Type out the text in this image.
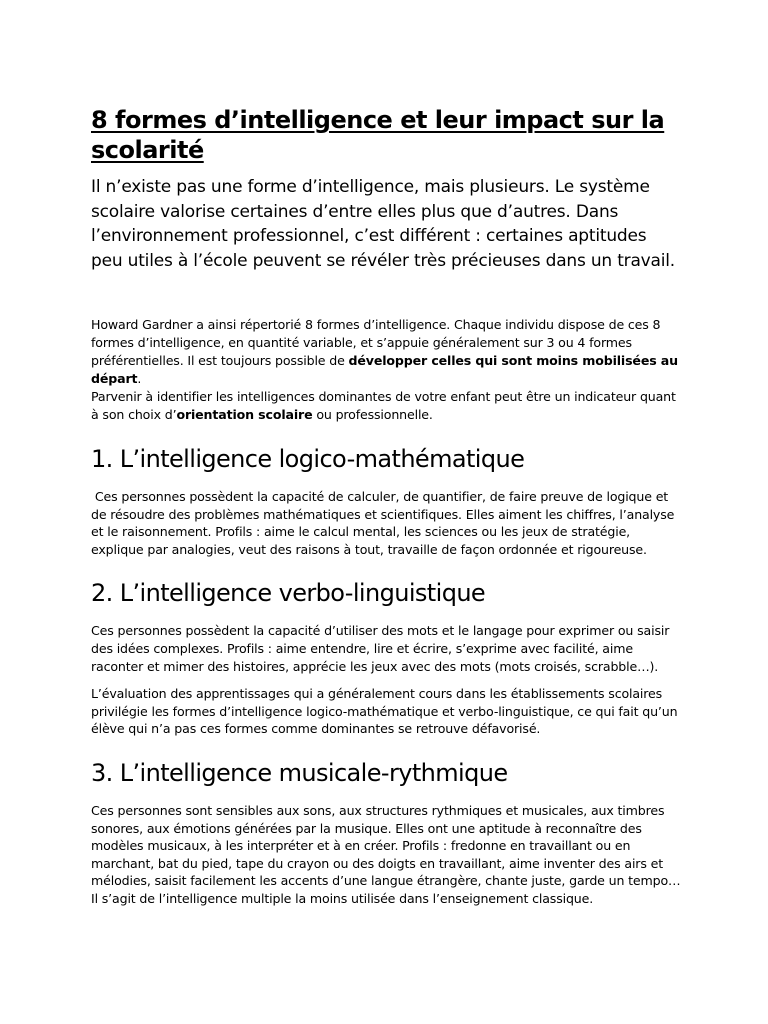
8 formes d’intelligence et leur impact sur la scolarité

Il n’existe pas une forme d’intelligence, mais plusieurs. Le système scolaire valorise certaines d’entre elles plus que d’autres. Dans l’environnement professionnel, c’est différent : certaines aptitudes peu utiles à l’école peuvent se révéler très précieuses dans un travail.

Howard Gardner a ainsi répertorié 8 formes d’intelligence. Chaque individu dispose de ces 8 formes d’intelligence, en quantité variable, et s’appuie généralement sur 3 ou 4 formes préférentielles. Il est toujours possible de développer celles qui sont moins mobilisées au départ.

Parvenir à identifier les intelligences dominantes de votre enfant peut être un indicateur quant à son choix d’orientation scolaire ou professionnelle.

1. L’intelligence logico-mathématique

Ces personnes possèdent la capacité de calculer, de quantifier, de faire preuve de logique et de résoudre des problèmes mathématiques et scientifiques. Elles aiment les chiffres, l’analyse et le raisonnement. Profils : aime le calcul mental, les sciences ou les jeux de stratégie, explique par analogies, veut des raisons à tout, travaille de façon ordonnée et rigoureuse.

2. L’intelligence verbo-linguistique

Ces personnes possèdent la capacité d’utiliser des mots et le langage pour exprimer ou saisir des idées complexes. Profils : aime entendre, lire et écrire, s’exprime avec facilité, aime raconter et mimer des histoires, apprécie les jeux avec des mots (mots croisés, scrabble…).

L’évaluation des apprentissages qui a généralement cours dans les établissements scolaires privilégie les formes d’intelligence logico-mathématique et verbo-linguistique, ce qui fait qu’un élève qui n’a pas ces formes comme dominantes se retrouve défavorisé.

3. L’intelligence musicale-rythmique

Ces personnes sont sensibles aux sons, aux structures rythmiques et musicales, aux timbres sonores, aux émotions générées par la musique. Elles ont une aptitude à reconnaître des modèles musicaux, à les interpréter et à en créer. Profils : fredonne en travaillant ou en marchant, bat du pied, tape du crayon ou des doigts en travaillant, aime inventer des airs et mélodies, saisit facilement les accents d’une langue étrangère, chante juste, garde un tempo… Il s’agit de l’intelligence multiple la moins utilisée dans l’enseignement classique.
